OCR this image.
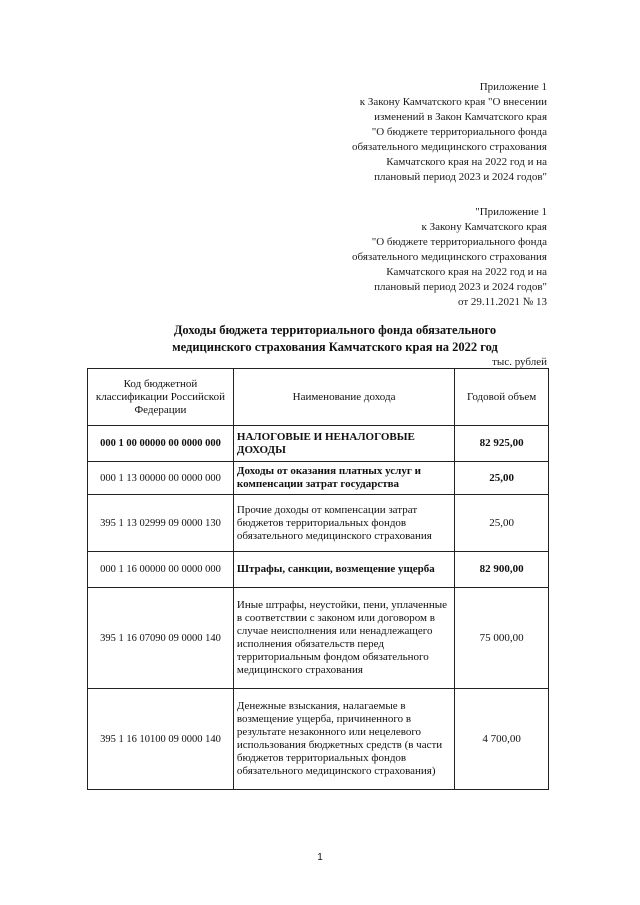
Приложение 1
к Закону Камчатского края "О внесении
изменений в Закон Камчатского края
"О бюджете территориального фонда
обязательного медицинского страхования
Камчатского края на 2022 год и на
плановый период 2023 и 2024 годов"
"Приложение 1
к Закону Камчатского края
"О бюджете территориального фонда
обязательного медицинского страхования
Камчатского края на 2022 год и на
плановый период 2023 и 2024 годов"
от 29.11.2021 № 13
Доходы бюджета территориального фонда обязательного
медицинского страхования Камчатского края на 2022 год
тыс. рублей
Код бюджетной классификации Российской Федерации	Наименование дохода	Годовой объем
000 1 00 00000 00 0000 000	НАЛОГОВЫЕ И НЕНАЛОГОВЫЕ ДОХОДЫ	82 925,00
000 1 13 00000 00 0000 000	Доходы от оказания платных услуг и компенсации затрат государства	25,00
395 1 13 02999 09 0000 130	Прочие доходы от компенсации затрат бюджетов территориальных фондов обязательного медицинского страхования	25,00
000 1 16 00000 00 0000 000	Штрафы, санкции, возмещение ущерба	82 900,00
395 1 16 07090 09 0000 140	Иные штрафы, неустойки, пени, уплаченные в соответствии с законом или договором в случае неисполнения или ненадлежащего исполнения обязательств перед территориальным фондом обязательного медицинского страхования	75 000,00
395 1 16 10100 09 0000 140	Денежные взыскания, налагаемые в возмещение ущерба, причиненного в результате незаконного или нецелевого использования бюджетных средств (в части бюджетов территориальных фондов обязательного медицинского страхования)	4 700,00
1
